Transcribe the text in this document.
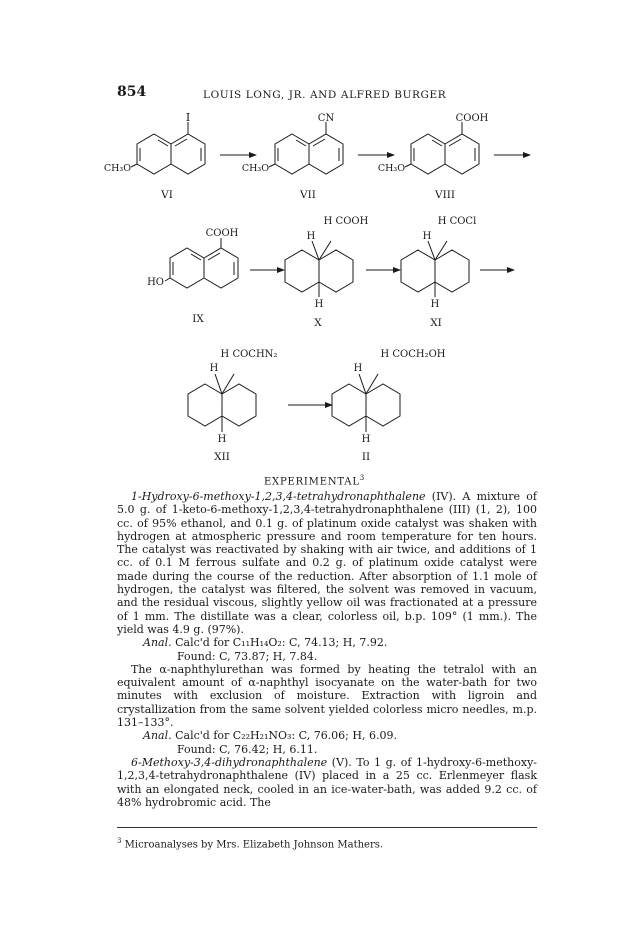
854	LOUIS LONG, JR. AND ALFRED BURGER
I
CH₃O
VI
CN
CH₃O
VII
COOH
CH₃O
VIII
COOH
HO
IX
H COOH
H
H
X
H COCl
H
H
XI
H COCHN₂
H
H
XII
H COCH₂OH
H
H
II
EXPERIMENTAL$^3$

1-Hydroxy-6-methoxy-1,2,3,4-tetrahydronaphthalene (IV). A mixture of 5.0 g. of 1-keto-6-methoxy-1,2,3,4-tetrahydronaphthalene (III) (1, 2), 100 cc. of 95% ethanol, and 0.1 g. of platinum oxide catalyst was shaken with hydrogen at atmospheric pressure and room temperature for ten hours. The catalyst was reactivated by shaking with air twice, and additions of 1 cc. of 0.1 M ferrous sulfate and 0.2 g. of platinum oxide catalyst were made during the course of the reduction. After absorption of 1.1 mole of hydrogen, the catalyst was filtered, the solvent was removed in vacuum, and the residual viscous, slightly yellow oil was fractionated at a pressure of 1 mm. The distillate was a clear, colorless oil, b.p. 109° (1 mm.). The yield was 4.9 g. (97%).

Anal. Calc'd for C₁₁H₁₄O₂: C, 74.13; H, 7.92.

Found: C, 73.87; H, 7.84.

The α-naphthylurethan was formed by heating the tetralol with an equivalent amount of α-naphthyl isocyanate on the water-bath for two minutes with exclusion of moisture. Extraction with ligroin and crystallization from the same solvent yielded colorless micro needles, m.p. 131–133°.

Anal. Calc'd for C₂₂H₂₁NO₃: C, 76.06; H, 6.09.

Found: C, 76.42; H, 6.11.

6-Methoxy-3,4-dihydronaphthalene (V). To 1 g. of 1-hydroxy-6-methoxy-1,2,3,4-tetrahydronaphthalene (IV) placed in a 25 cc. Erlenmeyer flask with an elongated neck, cooled in an ice-water-bath, was added 9.2 cc. of 48% hydrobromic acid. The

$^3$ Microanalyses by Mrs. Elizabeth Johnson Mathers.
